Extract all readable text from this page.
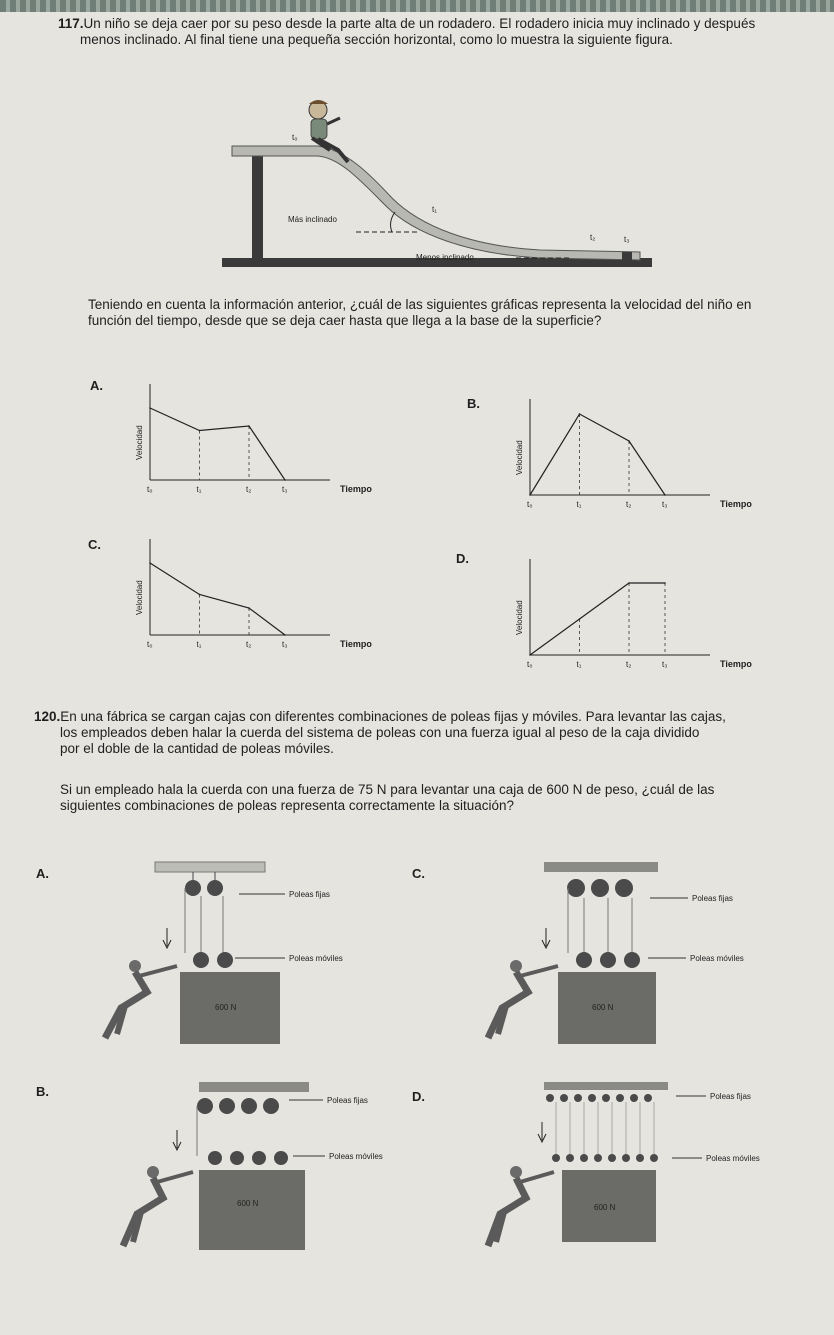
117.Un niño se deja caer por su peso desde la parte alta de un rodadero. El rodadero inicia muy inclinado y después
menos inclinado. Al final tiene una pequeña sección horizontal, como lo muestra la siguiente figura.
t₀
t₁
t₂	t₃
Más inclinado
Menos inclinado
Teniendo en cuenta la información anterior, ¿cuál de las siguientes gráficas representa la velocidad del niño en
función del tiempo, desde que se deja caer hasta que llega a la base de la superficie?
A.
B.
C.
D.
Velocidad
Tiempo
t₀	t₁	t₂	t₃
Velocidad
Tiempo
t₀	t₁	t₂	t₃
Velocidad
Tiempo
t₀	t₁	t₂	t₃
Velocidad
Tiempo
t₀	t₁	t₂	t₃
120.En una fábrica se cargan cajas con diferentes combinaciones de poleas fijas y móviles. Para levantar las cajas,
los empleados deben halar la cuerda del sistema de poleas con una fuerza igual al peso de la caja dividido
por el doble de la cantidad de poleas móviles.
Si un empleado hala la cuerda con una fuerza de 75 N para levantar una caja de 600 N de peso, ¿cuál de las
siguientes combinaciones de poleas representa correctamente la situación?
A.	C.
B.	D.
Poleas fijas
Poleas móviles
600 N
Poleas fijas
Poleas móviles
600 N
Poleas fijas
Poleas móviles
600 N
Poleas fijas
Poleas móviles
600 N
